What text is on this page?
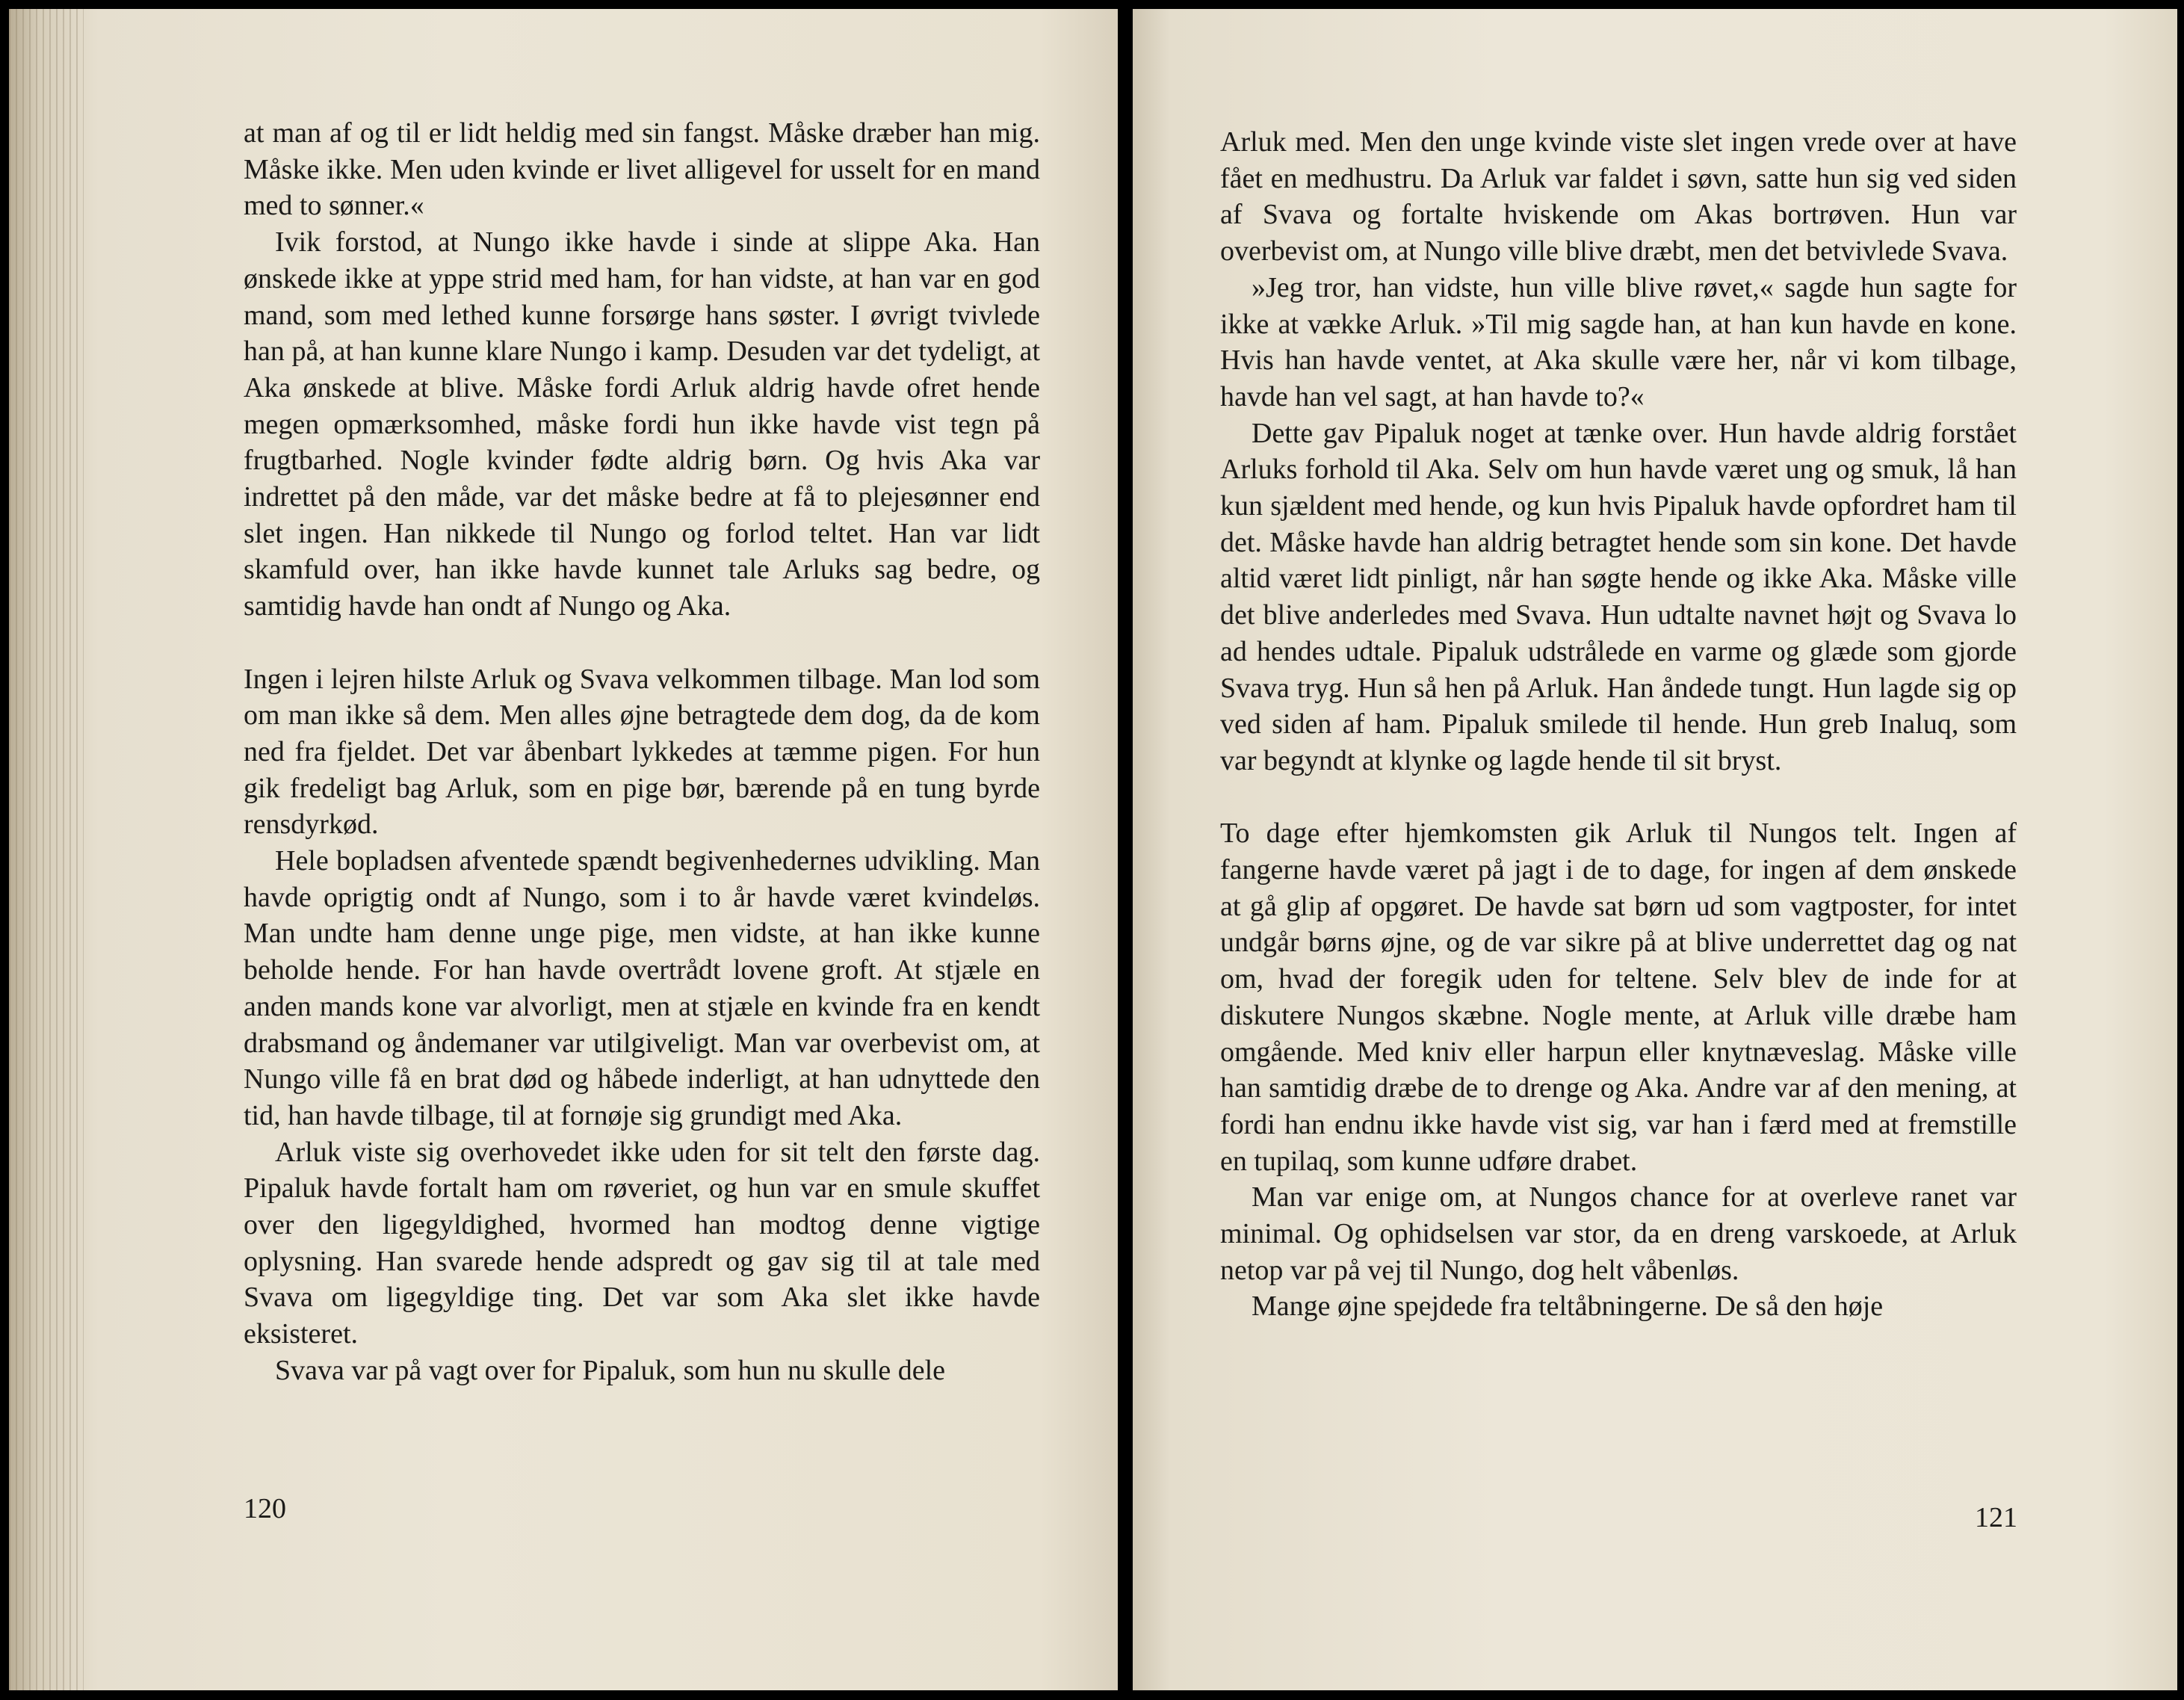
at man af og til er lidt heldig med sin fangst. Måske dræber han mig. Måske ikke. Men uden kvinde er livet alligevel for usselt for en mand med to sønner.«

Ivik forstod, at Nungo ikke havde i sinde at slippe Aka. Han ønskede ikke at yppe strid med ham, for han vidste, at han var en god mand, som med lethed kunne forsørge hans søster. I øvrigt tvivlede han på, at han kunne klare Nungo i kamp. Desuden var det tydeligt, at Aka ønskede at blive. Måske fordi Arluk aldrig havde ofret hende megen opmærksomhed, måske fordi hun ikke havde vist tegn på frugtbarhed. Nogle kvinder fødte aldrig børn. Og hvis Aka var indrettet på den måde, var det måske bedre at få to plejesønner end slet ingen. Han nikkede til Nungo og forlod teltet. Han var lidt skamfuld over, han ikke havde kunnet tale Arluks sag bedre, og samtidig havde han ondt af Nungo og Aka.

Ingen i lejren hilste Arluk og Svava velkommen tilbage. Man lod som om man ikke så dem. Men alles øjne betragtede dem dog, da de kom ned fra fjeldet. Det var åbenbart lykkedes at tæmme pigen. For hun gik fredeligt bag Arluk, som en pige bør, bærende på en tung byrde rensdyrkød.

Hele bopladsen afventede spændt begivenhedernes udvikling. Man havde oprigtig ondt af Nungo, som i to år havde været kvindeløs. Man undte ham denne unge pige, men vidste, at han ikke kunne beholde hende. For han havde overtrådt lovene groft. At stjæle en anden mands kone var alvorligt, men at stjæle en kvinde fra en kendt drabsmand og åndemaner var utilgiveligt. Man var overbevist om, at Nungo ville få en brat død og håbede inderligt, at han udnyttede den tid, han havde tilbage, til at fornøje sig grundigt med Aka.

Arluk viste sig overhovedet ikke uden for sit telt den første dag. Pipaluk havde fortalt ham om røveriet, og hun var en smule skuffet over den ligegyldighed, hvormed han modtog denne vigtige oplysning. Han svarede hende adspredt og gav sig til at tale med Svava om ligegyldige ting. Det var som Aka slet ikke havde eksisteret.

Svava var på vagt over for Pipaluk, som hun nu skulle dele

120

Arluk med. Men den unge kvinde viste slet ingen vrede over at have fået en medhustru. Da Arluk var faldet i søvn, satte hun sig ved siden af Svava og fortalte hviskende om Akas bortrøven. Hun var overbevist om, at Nungo ville blive dræbt, men det betvivlede Svava.

»Jeg tror, han vidste, hun ville blive røvet,« sagde hun sagte for ikke at vække Arluk. »Til mig sagde han, at han kun havde en kone. Hvis han havde ventet, at Aka skulle være her, når vi kom tilbage, havde han vel sagt, at han havde to?«

Dette gav Pipaluk noget at tænke over. Hun havde aldrig forstået Arluks forhold til Aka. Selv om hun havde været ung og smuk, lå han kun sjældent med hende, og kun hvis Pipaluk havde opfordret ham til det. Måske havde han aldrig betragtet hende som sin kone. Det havde altid været lidt pinligt, når han søgte hende og ikke Aka. Måske ville det blive anderledes med Svava. Hun udtalte navnet højt og Svava lo ad hendes udtale. Pipaluk udstrålede en varme og glæde som gjorde Svava tryg. Hun så hen på Arluk. Han åndede tungt. Hun lagde sig op ved siden af ham. Pipaluk smilede til hende. Hun greb Inaluq, som var begyndt at klynke og lagde hende til sit bryst.

To dage efter hjemkomsten gik Arluk til Nungos telt. Ingen af fangerne havde været på jagt i de to dage, for ingen af dem ønskede at gå glip af opgøret. De havde sat børn ud som vagtposter, for intet undgår børns øjne, og de var sikre på at blive underrettet dag og nat om, hvad der foregik uden for teltene. Selv blev de inde for at diskutere Nungos skæbne. Nogle mente, at Arluk ville dræbe ham omgående. Med kniv eller harpun eller knytnæveslag. Måske ville han samtidig dræbe de to drenge og Aka. Andre var af den mening, at fordi han endnu ikke havde vist sig, var han i færd med at fremstille en tupilaq, som kunne udføre drabet.

Man var enige om, at Nungos chance for at overleve ranet var minimal. Og ophidselsen var stor, da en dreng varskoede, at Arluk netop var på vej til Nungo, dog helt våbenløs.

Mange øjne spejdede fra teltåbningerne. De så den høje

121
